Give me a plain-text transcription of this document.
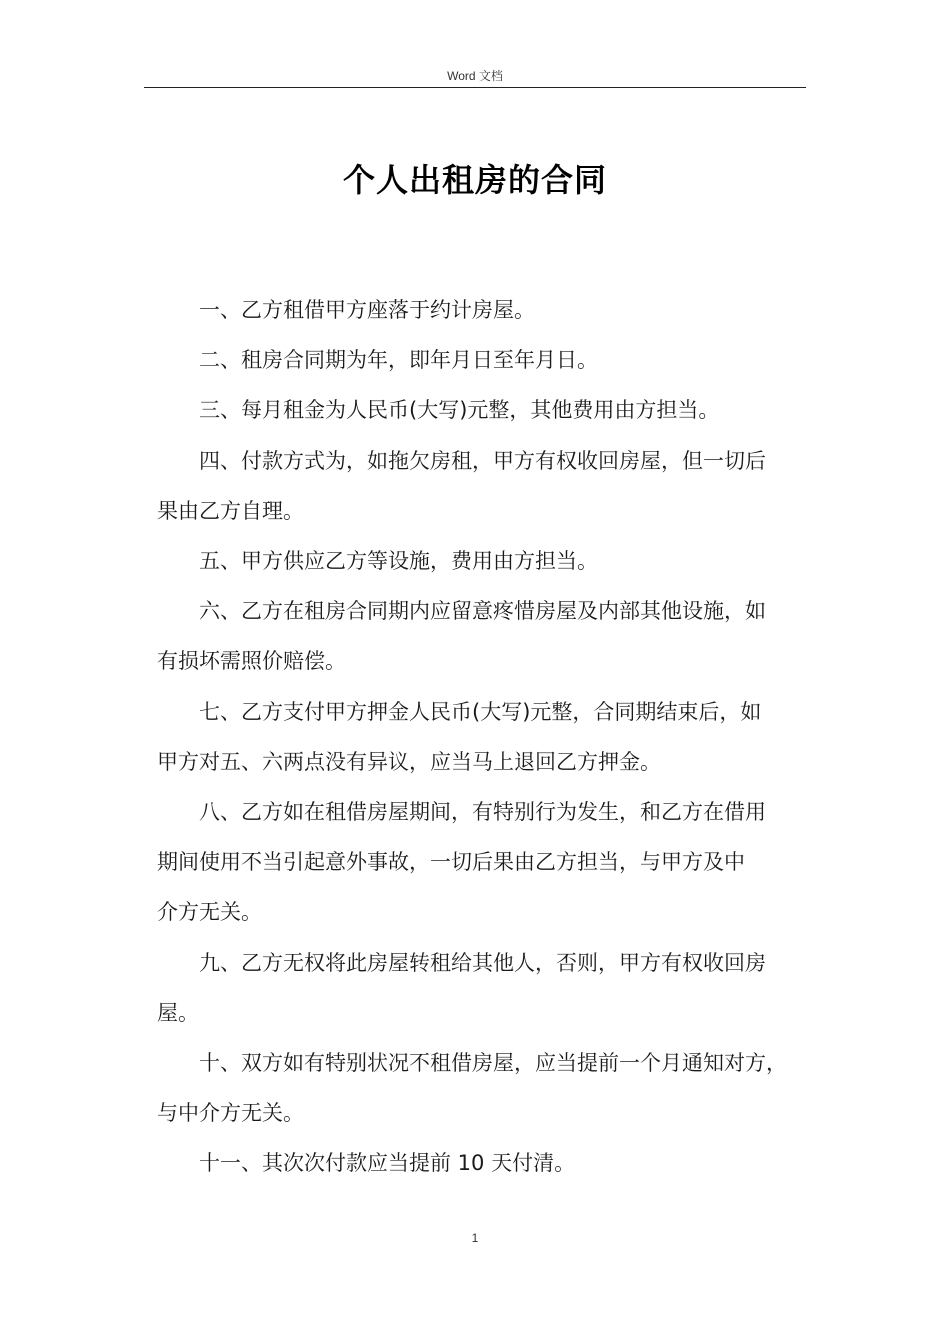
Word 文档
个人出租房的合同

一、乙方租借甲方座落于约计房屋。

二、租房合同期为年，即年月日至年月日。

三、每月租金为人民币(大写)元整，其他费用由方担当。

四、付款方式为，如拖欠房租，甲方有权收回房屋，但一切后
果由乙方自理。

五、甲方供应乙方等设施，费用由方担当。

六、乙方在租房合同期内应留意疼惜房屋及内部其他设施，如
有损坏需照价赔偿。

七、乙方支付甲方押金人民币(大写)元整，合同期结束后，如
甲方对五、六两点没有异议，应当马上退回乙方押金。

八、乙方如在租借房屋期间，有特别行为发生，和乙方在借用
期间使用不当引起意外事故，一切后果由乙方担当，与甲方及中
介方无关。

九、乙方无权将此房屋转租给其他人，否则，甲方有权收回房
屋。

十、双方如有特别状况不租借房屋，应当提前一个月通知对方，
与中介方无关。

十一、其次次付款应当提前 10 天付清。

1
